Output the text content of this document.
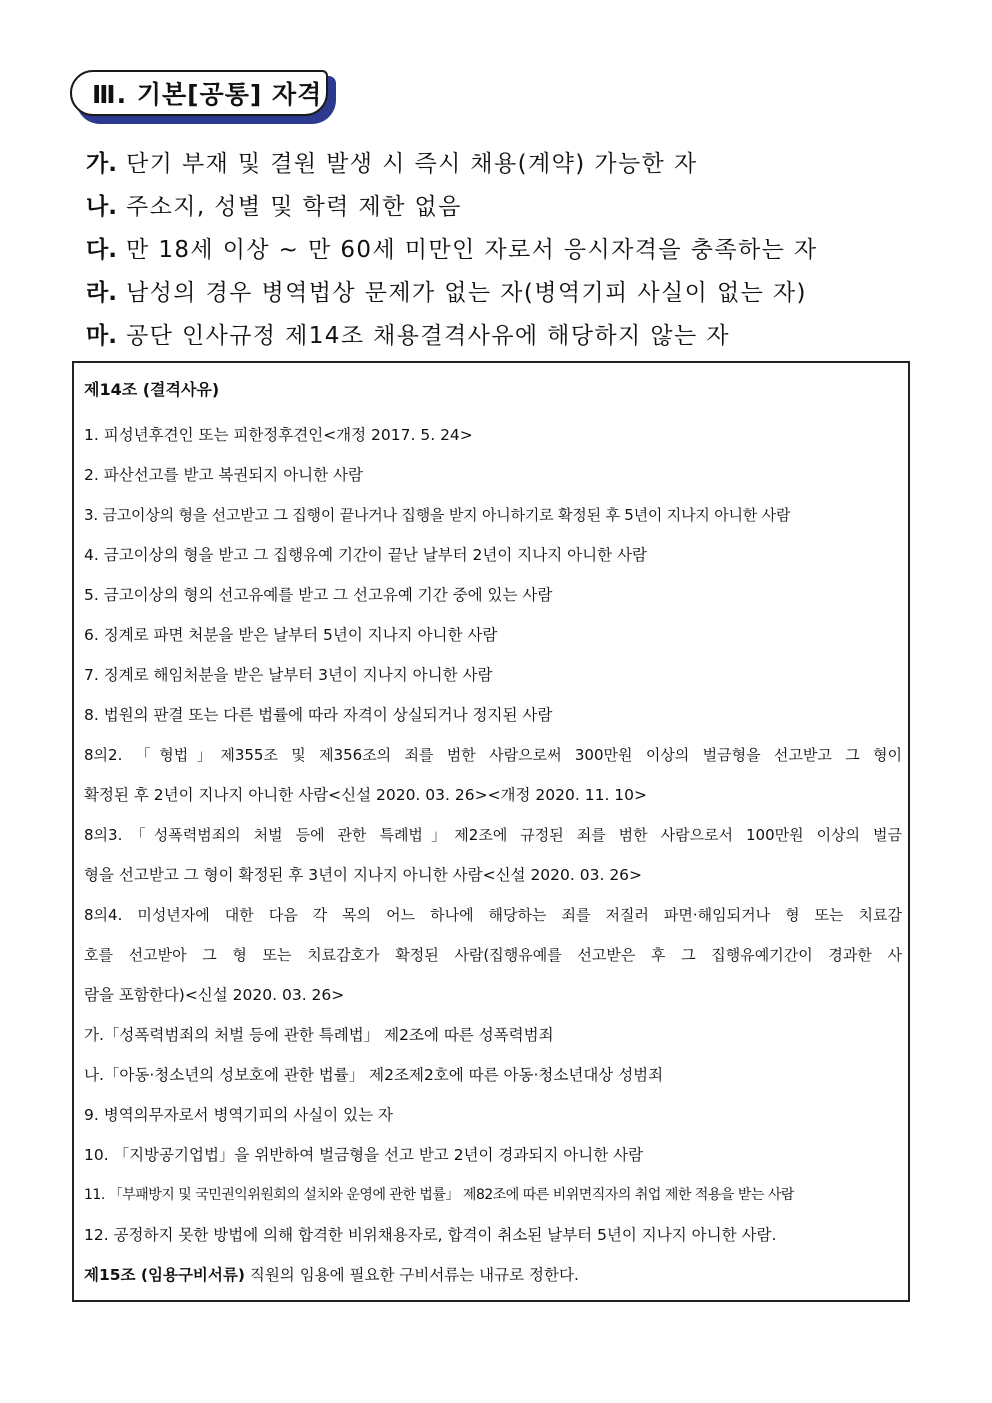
Ⅲ. 기본[공통] 자격
가. 단기 부재 및 결원 발생 시 즉시 채용(계약) 가능한 자
나. 주소지, 성별 및 학력 제한 없음
다. 만 18세 이상 ~ 만 60세 미만인 자로서 응시자격을 충족하는 자
라. 남성의 경우 병역법상 문제가 없는 자(병역기피 사실이 없는 자)
마. 공단 인사규정 제14조 채용결격사유에 해당하지 않는 자
제14조 (결격사유)
1. 피성년후견인 또는 피한정후견인<개정 2017. 5. 24>
2. 파산선고를 받고 복권되지 아니한 사람
3. 금고이상의 형을 선고받고 그 집행이 끝나거나 집행을 받지 아니하기로 확정된 후 5년이 지나지 아니한 사람
4. 금고이상의 형을 받고 그 집행유예 기간이 끝난 날부터 2년이 지나지 아니한 사람
5. 금고이상의 형의 선고유예를 받고 그 선고유예 기간 중에 있는 사람
6. 징계로 파면 처분을 받은 날부터 5년이 지나지 아니한 사람
7. 징계로 해임처분을 받은 날부터 3년이 지나지 아니한 사람
8. 법원의 판결 또는 다른 법률에 따라 자격이 상실되거나 정지된 사람
8의2. 「형법」제355조 및 제356조의 죄를 범한 사람으로써 300만원 이상의 벌금형을 선고받고 그 형이
확정된 후 2년이 지나지 아니한 사람<신설 2020. 03. 26><개정 2020. 11. 10>
8의3.「성폭력범죄의 처벌 등에 관한 특례법」제2조에 규정된 죄를 범한 사람으로서 100만원 이상의 벌금
형을 선고받고 그 형이 확정된 후 3년이 지나지 아니한 사람<신설 2020. 03. 26>
8의4. 미성년자에 대한 다음 각 목의 어느 하나에 해당하는 죄를 저질러 파면·해임되거나 형 또는 치료감
호를 선고받아 그 형 또는 치료감호가 확정된 사람(집행유예를 선고받은 후 그 집행유예기간이 경과한 사
람을 포함한다)<신설 2020. 03. 26>
가.「성폭력범죄의 처벌 등에 관한 특례법」 제2조에 따른 성폭력범죄
나.「아동·청소년의 성보호에 관한 법률」 제2조제2호에 따른 아동·청소년대상 성범죄
9. 병역의무자로서 병역기피의 사실이 있는 자
10. 「지방공기업법」을 위반하여 벌금형을 선고 받고 2년이 경과되지 아니한 사람
11. 「부패방지 및 국민권익위원회의 설치와 운영에 관한 법률」 제82조에 따른 비위면직자의 취업 제한 적용을 받는 사람
12. 공정하지 못한 방법에 의해 합격한 비위채용자로, 합격이 취소된 날부터 5년이 지나지 아니한 사람.
제15조 (임용구비서류) 직원의 임용에 필요한 구비서류는 내규로 정한다.
